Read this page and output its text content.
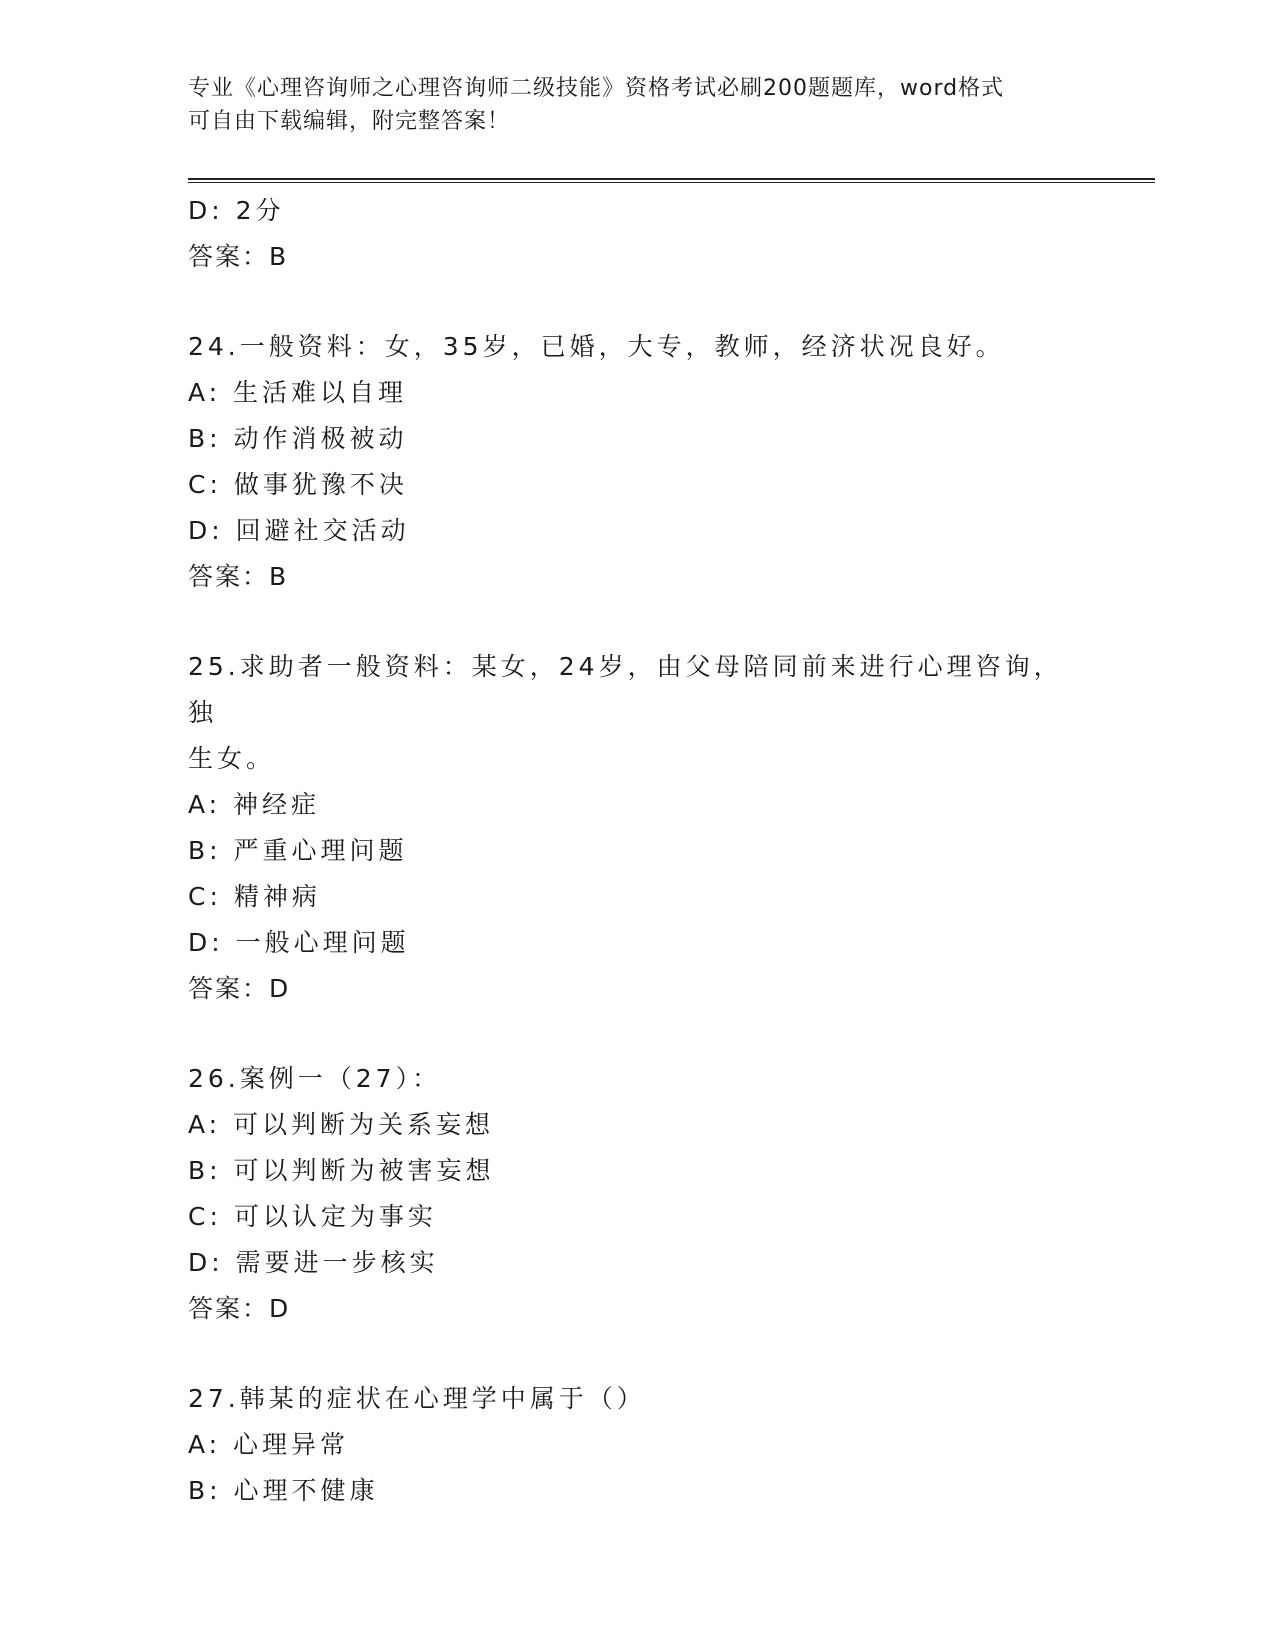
专业《心理咨询师之心理咨询师二级技能》资格考试必刷200题题库，word格式
可自由下载编辑，附完整答案！
D: 2分
答案：B
24.一般资料：女，35岁，已婚，大专，教师，经济状况良好。
A: 生活难以自理
B: 动作消极被动
C: 做事犹豫不决
D: 回避社交活动
答案：B
25.求助者一般资料：某女，24岁，由父母陪同前来进行心理咨询，独
生女。
A: 神经症
B: 严重心理问题
C: 精神病
D: 一般心理问题
答案：D
26.案例一（27）：
A: 可以判断为关系妄想
B: 可以判断为被害妄想
C: 可以认定为事实
D: 需要进一步核实
答案：D
27.韩某的症状在心理学中属于（）
A: 心理异常
B: 心理不健康
